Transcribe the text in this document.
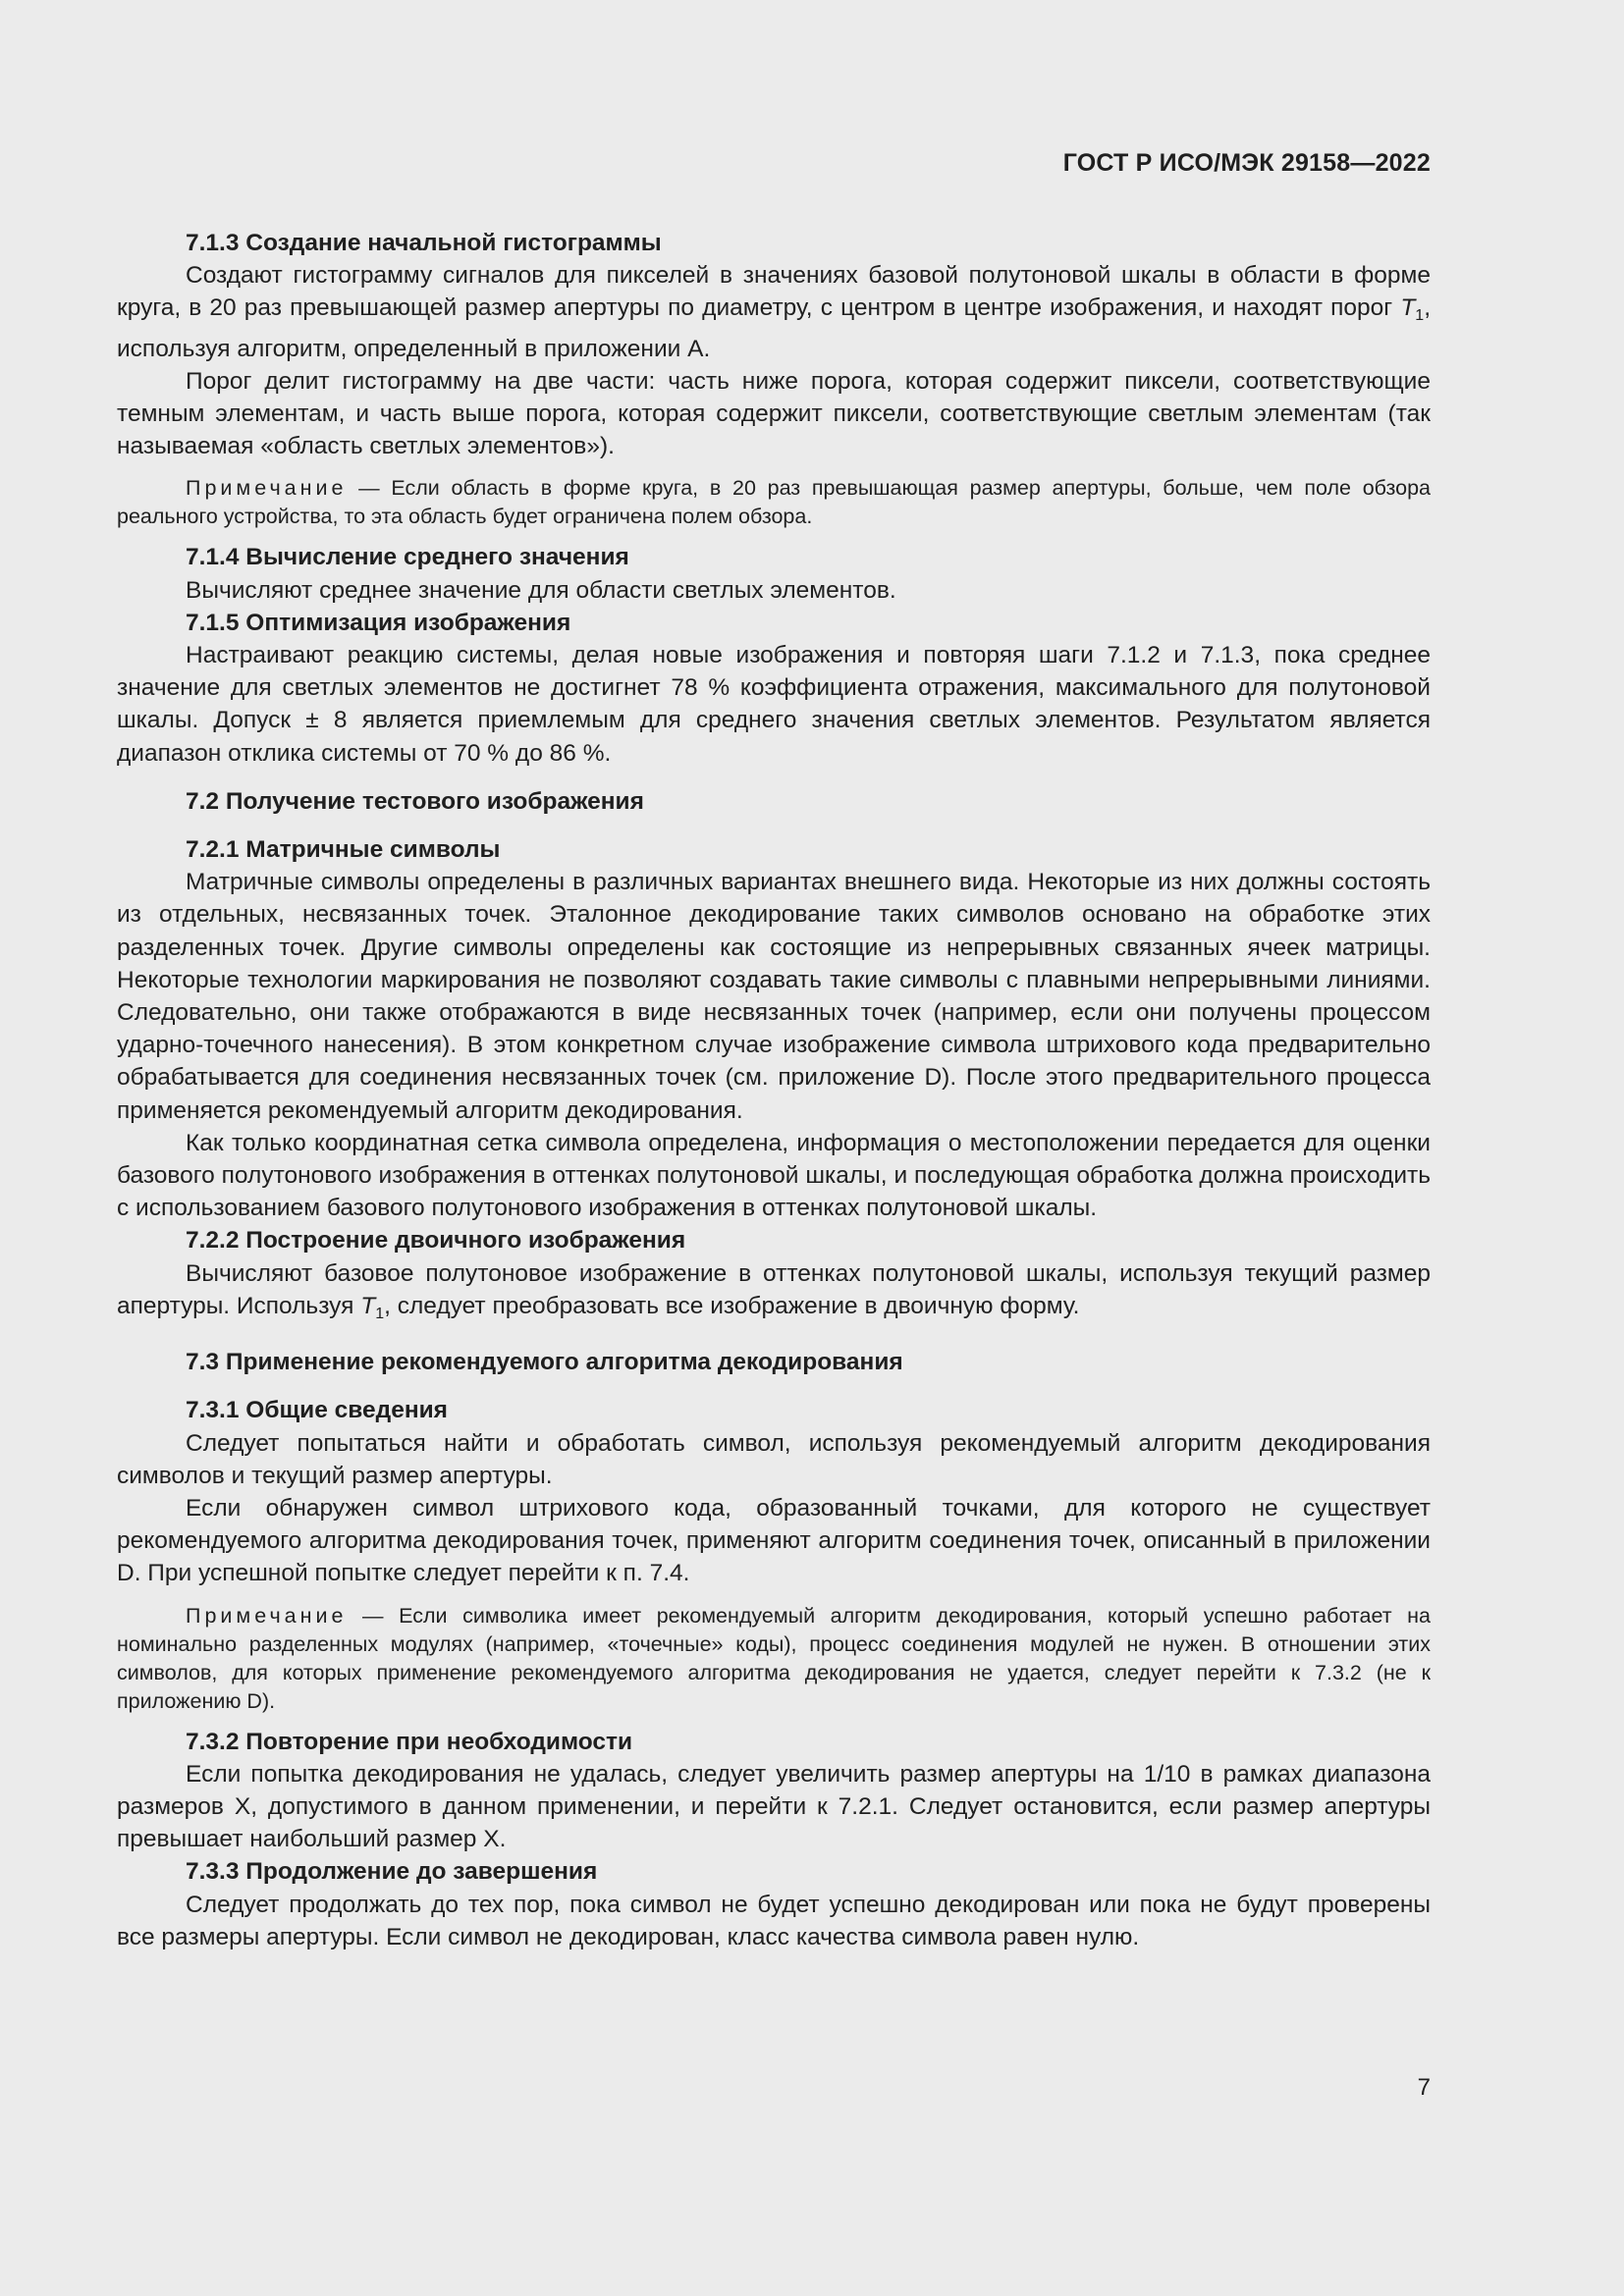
ГОСТ Р ИСО/МЭК 29158—2022
7.1.3 Создание начальной гистограммы

Создают гистограмму сигналов для пикселей в значениях базовой полутоновой шкалы в области в форме круга, в 20 раз превышающей размер апертуры по диаметру, с центром в центре изображения, и находят порог $T_1$, используя алгоритм, определенный в приложении А.

Порог делит гистограмму на две части: часть ниже порога, которая содержит пиксели, соответствующие темным элементам, и часть выше порога, которая содержит пиксели, соответствующие светлым элементам (так называемая «область светлых элементов»).

Примечание — Если область в форме круга, в 20 раз превышающая размер апертуры, больше, чем поле обзора реального устройства, то эта область будет ограничена полем обзора.
7.1.4 Вычисление среднего значения

Вычисляют среднее значение для области светлых элементов.

7.1.5 Оптимизация изображения

Настраивают реакцию системы, делая новые изображения и повторяя шаги 7.1.2 и 7.1.3, пока среднее значение для светлых элементов не достигнет 78 % коэффициента отражения, максимального для полутоновой шкалы. Допуск ± 8 является приемлемым для среднего значения светлых элементов. Результатом является диапазон отклика системы от 70 % до 86 %.

7.2 Получение тестового изображения
7.2.1 Матричные символы

Матричные символы определены в различных вариантах внешнего вида. Некоторые из них должны состоять из отдельных, несвязанных точек. Эталонное декодирование таких символов основано на обработке этих разделенных точек. Другие символы определены как состоящие из непрерывных связанных ячеек матрицы. Некоторые технологии маркирования не позволяют создавать такие символы с плавными непрерывными линиями. Следовательно, они также отображаются в виде несвязанных точек (например, если они получены процессом ударно-точечного нанесения). В этом конкретном случае изображение символа штрихового кода предварительно обрабатывается для соединения несвязанных точек (см. приложение D). После этого предварительного процесса применяется рекомендуемый алгоритм декодирования.

Как только координатная сетка символа определена, информация о местоположении передается для оценки базового полутонового изображения в оттенках полутоновой шкалы, и последующая обработка должна происходить с использованием базового полутонового изображения в оттенках полутоновой шкалы.

7.2.2 Построение двоичного изображения

Вычисляют базовое полутоновое изображение в оттенках полутоновой шкалы, используя текущий размер апертуры. Используя $T_1$, следует преобразовать все изображение в двоичную форму.

7.3 Применение рекомендуемого алгоритма декодирования
7.3.1 Общие сведения

Следует попытаться найти и обработать символ, используя рекомендуемый алгоритм декодирования символов и текущий размер апертуры.

Если обнаружен символ штрихового кода, образованный точками, для которого не существует рекомендуемого алгоритма декодирования точек, применяют алгоритм соединения точек, описанный в приложении D. При успешной попытке следует перейти к п. 7.4.

Примечание — Если символика имеет рекомендуемый алгоритм декодирования, который успешно работает на номинально разделенных модулях (например, «точечные» коды), процесс соединения модулей не нужен. В отношении этих символов, для которых применение рекомендуемого алгоритма декодирования не удается, следует перейти к 7.3.2 (не к приложению D).
7.3.2 Повторение при необходимости

Если попытка декодирования не удалась, следует увеличить размер апертуры на 1/10 в рамках диапазона размеров X, допустимого в данном применении, и перейти к 7.2.1. Следует остановится, если размер апертуры превышает наибольший размер X.

7.3.3 Продолжение до завершения

Следует продолжать до тех пор, пока символ не будет успешно декодирован или пока не будут проверены все размеры апертуры. Если символ не декодирован, класс качества символа равен нулю.

7
